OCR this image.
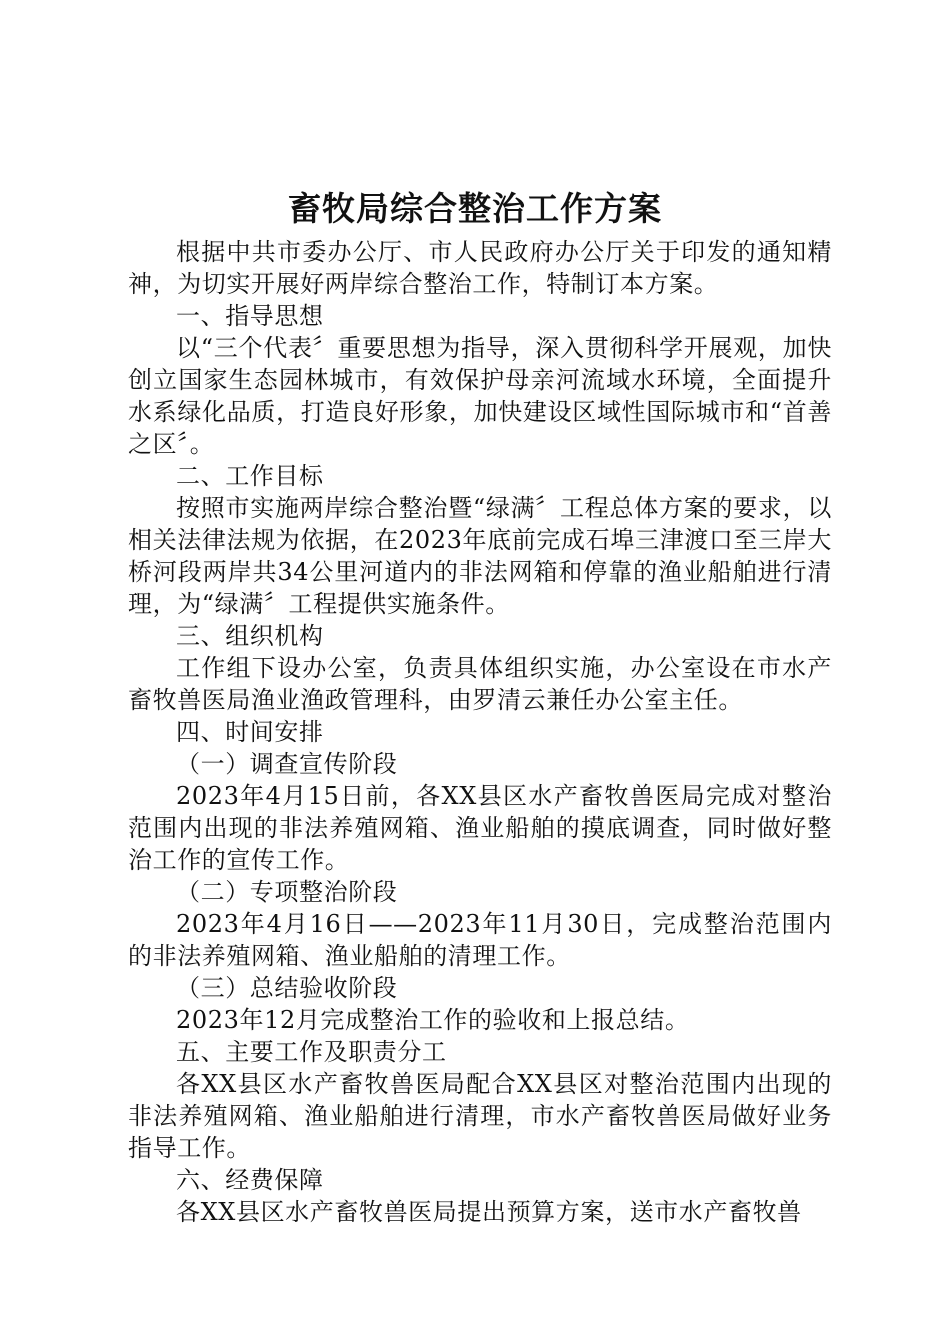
畜牧局综合整治工作方案

根据中共市委办公厅、市人民政府办公厅关于印发的通知精神，为切实开展好两岸综合整治工作，特制订本方案。

一、指导思想

以“三个代表〞重要思想为指导，深入贯彻科学开展观，加快创立国家生态园林城市，有效保护母亲河流域水环境，全面提升水系绿化品质，打造良好形象，加快建设区域性国际城市和“首善之区〞。

二、工作目标

按照市实施两岸综合整治暨“绿满〞工程总体方案的要求，以相关法律法规为依据，在2023年底前完成石埠三津渡口至三岸大桥河段两岸共34公里河道内的非法网箱和停靠的渔业船舶进行清理，为“绿满〞工程提供实施条件。

三、组织机构

工作组下设办公室，负责具体组织实施，办公室设在市水产畜牧兽医局渔业渔政管理科，由罗清云兼任办公室主任。

四、时间安排

（一）调查宣传阶段

2023年4月15日前，各XX县区水产畜牧兽医局完成对整治范围内出现的非法养殖网箱、渔业船舶的摸底调查，同时做好整治工作的宣传工作。

（二）专项整治阶段

2023年4月16日——2023年11月30日，完成整治范围内的非法养殖网箱、渔业船舶的清理工作。

（三）总结验收阶段

2023年12月完成整治工作的验收和上报总结。

五、主要工作及职责分工

各XX县区水产畜牧兽医局配合XX县区对整治范围内出现的非法养殖网箱、渔业船舶进行清理，市水产畜牧兽医局做好业务指导工作。

六、经费保障

各XX县区水产畜牧兽医局提出预算方案，送市水产畜牧兽
